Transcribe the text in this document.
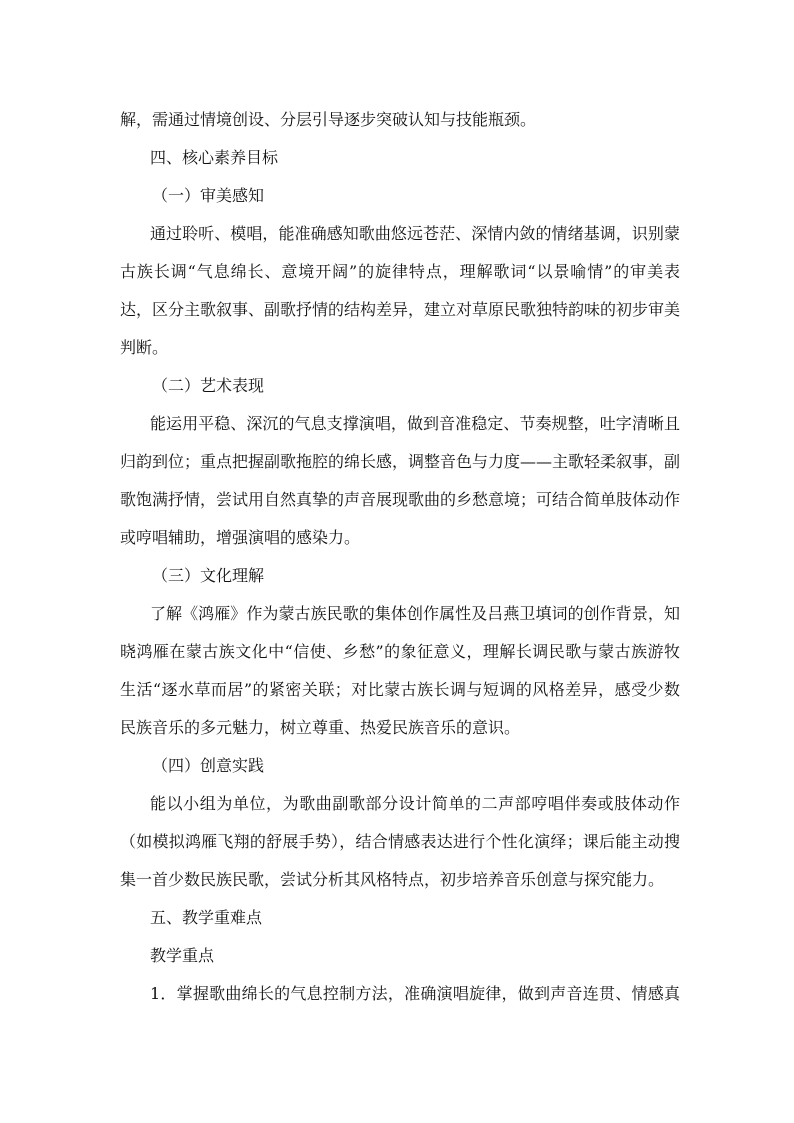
解，需通过情境创设、分层引导逐步突破认知与技能瓶颈。
四、核心素养目标
（一）审美感知
通过聆听、模唱，能准确感知歌曲悠远苍茫、深情内敛的情绪基调，识别蒙
古族长调“气息绵长、意境开阔”的旋律特点，理解歌词“以景喻情”的审美表
达，区分主歌叙事、副歌抒情的结构差异，建立对草原民歌独特韵味的初步审美
判断。
（二）艺术表现
能运用平稳、深沉的气息支撑演唱，做到音准稳定、节奏规整，吐字清晰且
归韵到位；重点把握副歌拖腔的绵长感，调整音色与力度——主歌轻柔叙事，副
歌饱满抒情，尝试用自然真挚的声音展现歌曲的乡愁意境；可结合简单肢体动作
或哼唱辅助，增强演唱的感染力。
（三）文化理解
了解《鸿雁》作为蒙古族民歌的集体创作属性及吕燕卫填词的创作背景，知
晓鸿雁在蒙古族文化中“信使、乡愁”的象征意义，理解长调民歌与蒙古族游牧
生活“逐水草而居”的紧密关联；对比蒙古族长调与短调的风格差异，感受少数
民族音乐的多元魅力，树立尊重、热爱民族音乐的意识。
（四）创意实践
能以小组为单位，为歌曲副歌部分设计简单的二声部哼唱伴奏或肢体动作
（如模拟鸿雁飞翔的舒展手势），结合情感表达进行个性化演绎；课后能主动搜
集一首少数民族民歌，尝试分析其风格特点，初步培养音乐创意与探究能力。
五、教学重难点
教学重点
1．掌握歌曲绵长的气息控制方法，准确演唱旋律，做到声音连贯、情感真
